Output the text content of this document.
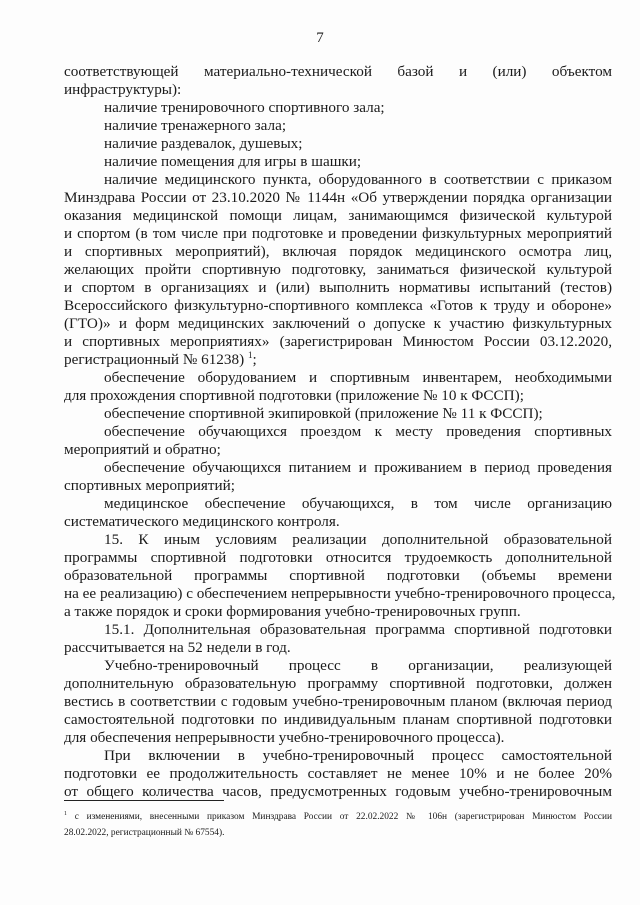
7
соответствующей материально-технической базой и (или) объектом
инфраструктуры):
наличие тренировочного спортивного зала;
наличие тренажерного зала;
наличие раздевалок, душевых;
наличие помещения для игры в шашки;
наличие медицинского пункта, оборудованного в соответствии с приказом
Минздрава России от 23.10.2020 № 1144н «Об утверждении порядка организации
оказания медицинской помощи лицам, занимающимся физической культурой
и спортом (в том числе при подготовке и проведении физкультурных мероприятий
и спортивных мероприятий), включая порядок медицинского осмотра лиц,
желающих пройти спортивную подготовку, заниматься физической культурой
и спортом в организациях и (или) выполнить нормативы испытаний (тестов)
Всероссийского физкультурно-спортивного комплекса «Готов к труду и обороне»
(ГТО)» и форм медицинских заключений о допуске к участию физкультурных
и спортивных мероприятиях» (зарегистрирован Минюстом России 03.12.2020,
регистрационный № 61238) $^1$;
обеспечение оборудованием и спортивным инвентарем, необходимыми
для прохождения спортивной подготовки (приложение № 10 к ФССП);
обеспечение спортивной экипировкой (приложение № 11 к ФССП);
обеспечение обучающихся проездом к месту проведения спортивных
мероприятий и обратно;
обеспечение обучающихся питанием и проживанием в период проведения
спортивных мероприятий;
медицинское обеспечение обучающихся, в том числе организацию
систематического медицинского контроля.
15. К иным условиям реализации дополнительной образовательной
программы спортивной подготовки относится трудоемкость дополнительной
образовательной программы спортивной подготовки (объемы времени
на ее реализацию) с обеспечением непрерывности учебно-тренировочного процесса,
а также порядок и сроки формирования учебно-тренировочных групп.
15.1. Дополнительная образовательная программа спортивной подготовки
рассчитывается на 52 недели в год.
Учебно-тренировочный процесс в организации, реализующей
дополнительную образовательную программу спортивной подготовки, должен
вестись в соответствии с годовым учебно-тренировочным планом (включая период
самостоятельной подготовки по индивидуальным планам спортивной подготовки
для обеспечения непрерывности учебно-тренировочного процесса).
При включении в учебно-тренировочный процесс самостоятельной
подготовки ее продолжительность составляет не менее 10% и не более 20%
от общего количества часов, предусмотренных годовым учебно-тренировочным
$^1$ с изменениями, внесенными приказом Минздрава России от 22.02.2022 № 106н (зарегистрирован Минюстом России
28.02.2022, регистрационный № 67554).
